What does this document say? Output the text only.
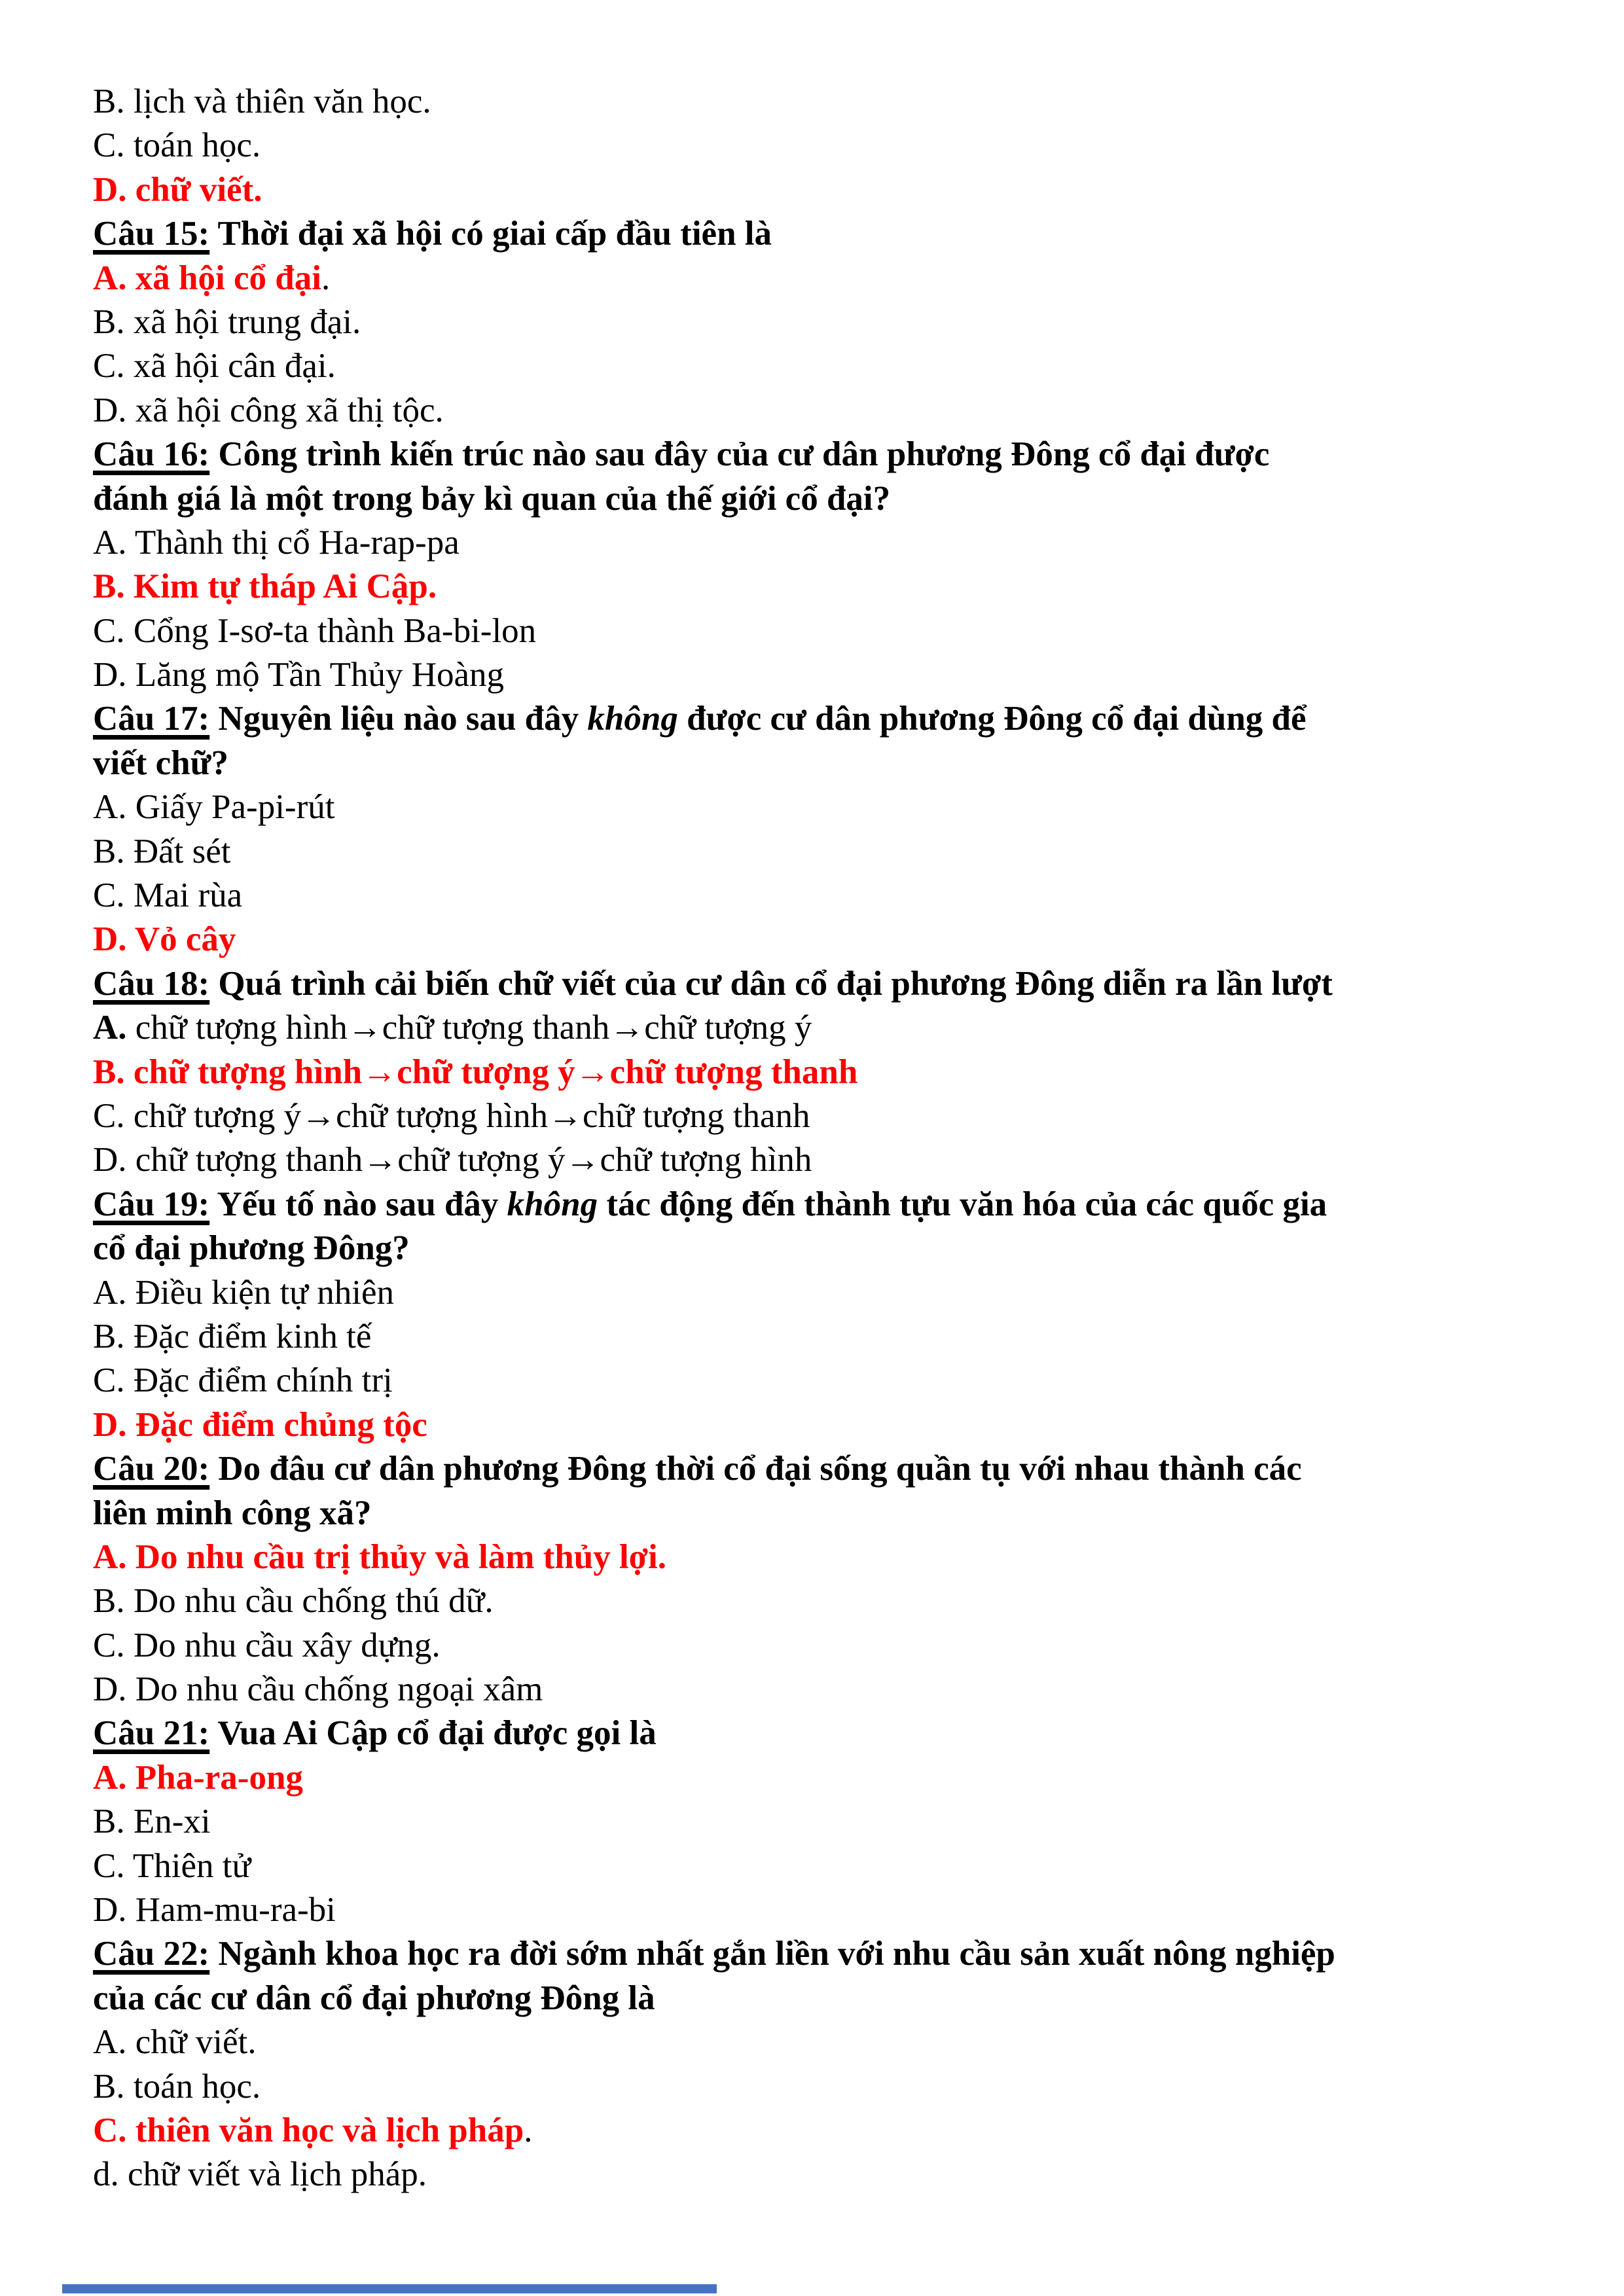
B. lịch và thiên văn học.
C. toán học.
D. chữ viết.
Câu 15: Thời đại xã hội có giai cấp đầu tiên là
A. xã hội cổ đại.
B. xã hội trung đại.
C. xã hội cân đại.
D. xã hội công xã thị tộc.
Câu 16: Công trình kiến trúc nào sau đây của cư dân phương Đông cổ đại được
đánh giá là một trong bảy kì quan của thế giới cổ đại?
A. Thành thị cổ Ha-rap-pa
B. Kim tự tháp Ai Cập.
C. Cổng I-sơ-ta thành Ba-bi-lon
D. Lăng mộ Tần Thủy Hoàng
Câu 17: Nguyên liệu nào sau đây không được cư dân phương Đông cổ đại dùng để
viết chữ?
A. Giấy Pa-pi-rút
B. Đất sét
C. Mai rùa
D. Vỏ cây
Câu 18: Quá trình cải biến chữ viết của cư dân cổ đại phương Đông diễn ra lần lượt
A. chữ tượng hình→chữ tượng thanh→chữ tượng ý
B. chữ tượng hình→chữ tượng ý→chữ tượng thanh
C. chữ tượng ý→chữ tượng hình→chữ tượng thanh
D. chữ tượng thanh→chữ tượng ý→chữ tượng hình
Câu 19: Yếu tố nào sau đây không tác động đến thành tựu văn hóa của các quốc gia
cổ đại phương Đông?
A. Điều kiện tự nhiên
B. Đặc điểm kinh tế
C. Đặc điểm chính trị
D. Đặc điểm chủng tộc
Câu 20: Do đâu cư dân phương Đông thời cổ đại sống quần tụ với nhau thành các
liên minh công xã?
A. Do nhu cầu trị thủy và làm thủy lợi.
B. Do nhu cầu chống thú dữ.
C. Do nhu cầu xây dựng.
D. Do nhu cầu chống ngoại xâm
Câu 21: Vua Ai Cập cổ đại được gọi là
A. Pha-ra-ong
B. En-xi
C. Thiên tử
D. Ham-mu-ra-bi
Câu 22: Ngành khoa học ra đời sớm nhất gắn liền với nhu cầu sản xuất nông nghiệp
của các cư dân cổ đại phương Đông là
A. chữ viết.
B. toán học.
C. thiên văn học và lịch pháp.
d. chữ viết và lịch pháp.
